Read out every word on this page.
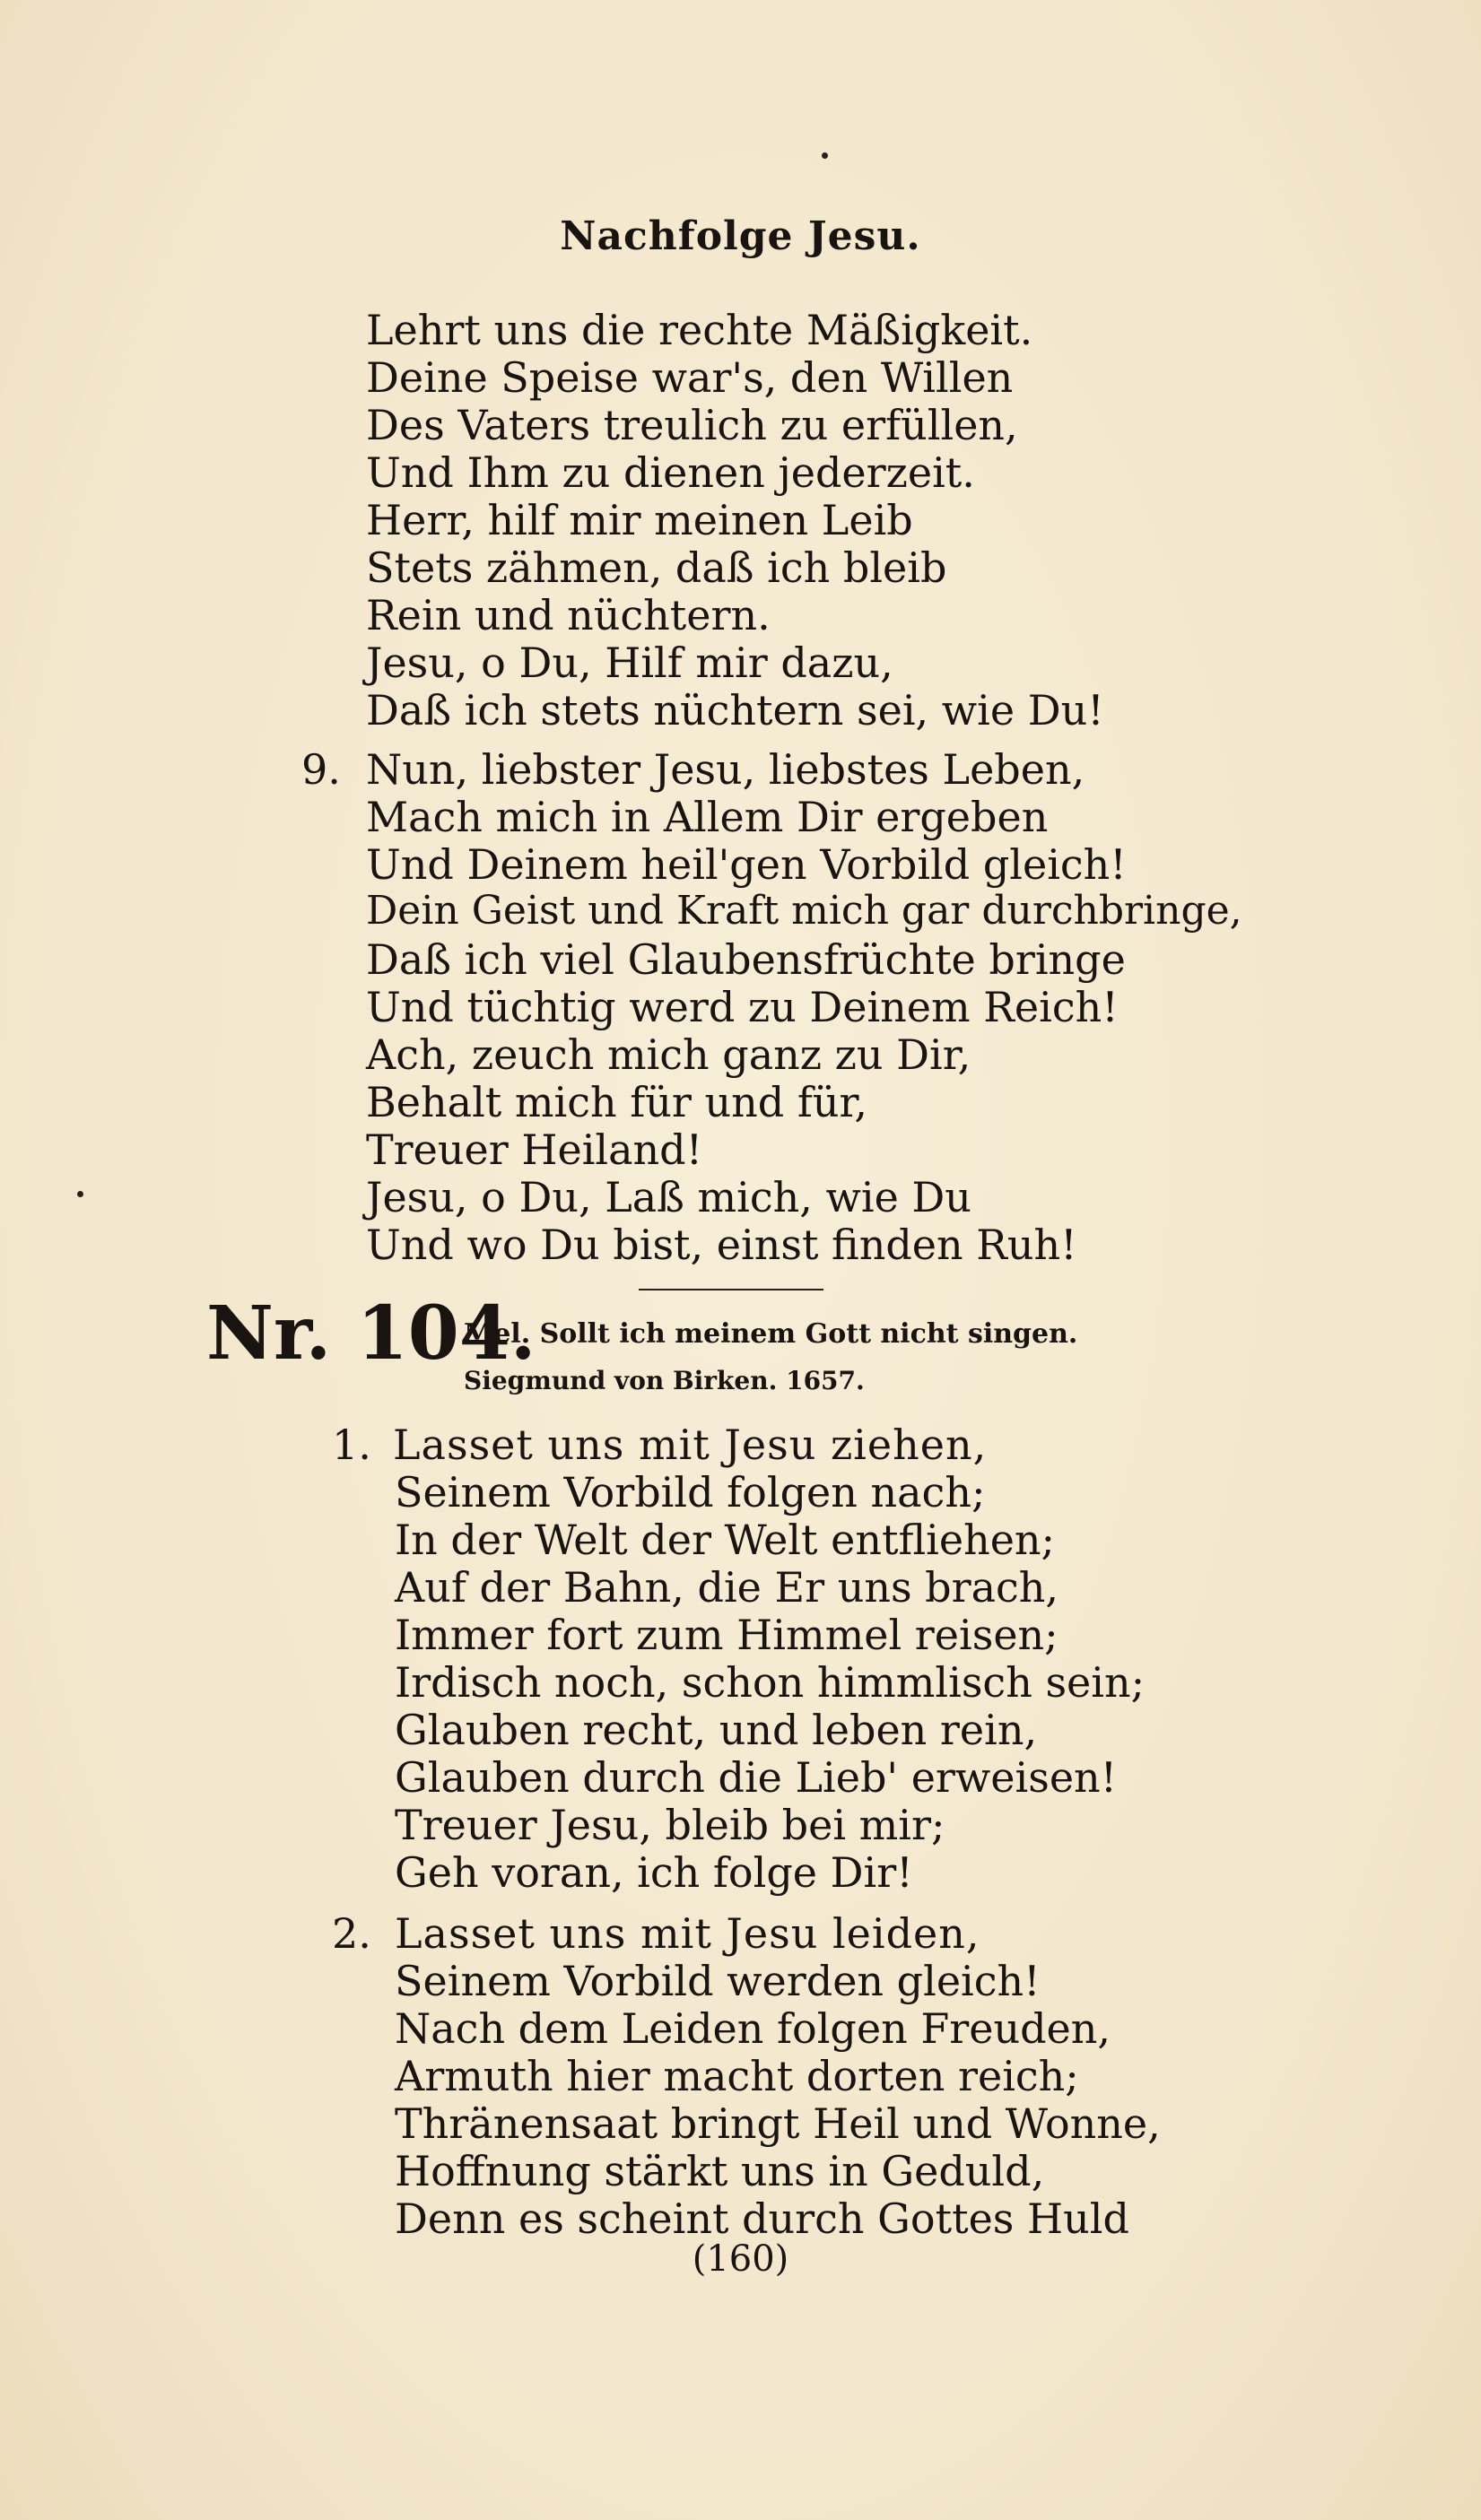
Nachfolge Jesu.
Lehrt uns die rechte Mäßigkeit.
Deine Speise war's, den Willen
Des Vaters treulich zu erfüllen,
Und Ihm zu dienen jederzeit.
Herr, hilf mir meinen Leib
Stets zähmen, daß ich bleib
Rein und nüchtern.
Jesu, o Du, Hilf mir dazu,
Daß ich stets nüchtern sei, wie Du!
9. Nun, liebster Jesu, liebstes Leben,
Mach mich in Allem Dir ergeben
Und Deinem heil'gen Vorbild gleich!
Dein Geist und Kraft mich gar durchbringe,
Daß ich viel Glaubensfrüchte bringe
Und tüchtig werd zu Deinem Reich!
Ach, zeuch mich ganz zu Dir,
Behalt mich für und für,
Treuer Heiland!
Jesu, o Du, Laß mich, wie Du
Und wo Du bist, einst finden Ruh!
Nr. 104.
Mel. Sollt ich meinem Gott nicht singen.
Siegmund von Birken. 1657.
1. Lasset uns mit Jesu ziehen,
Seinem Vorbild folgen nach;
In der Welt der Welt entfliehen;
Auf der Bahn, die Er uns brach,
Immer fort zum Himmel reisen;
Irdisch noch, schon himmlisch sein;
Glauben recht, und leben rein,
Glauben durch die Lieb' erweisen!
Treuer Jesu, bleib bei mir;
Geh voran, ich folge Dir!
2. Lasset uns mit Jesu leiden,
Seinem Vorbild werden gleich!
Nach dem Leiden folgen Freuden,
Armuth hier macht dorten reich;
Thränensaat bringt Heil und Wonne,
Hoffnung stärkt uns in Geduld,
Denn es scheint durch Gottes Huld
(160)
